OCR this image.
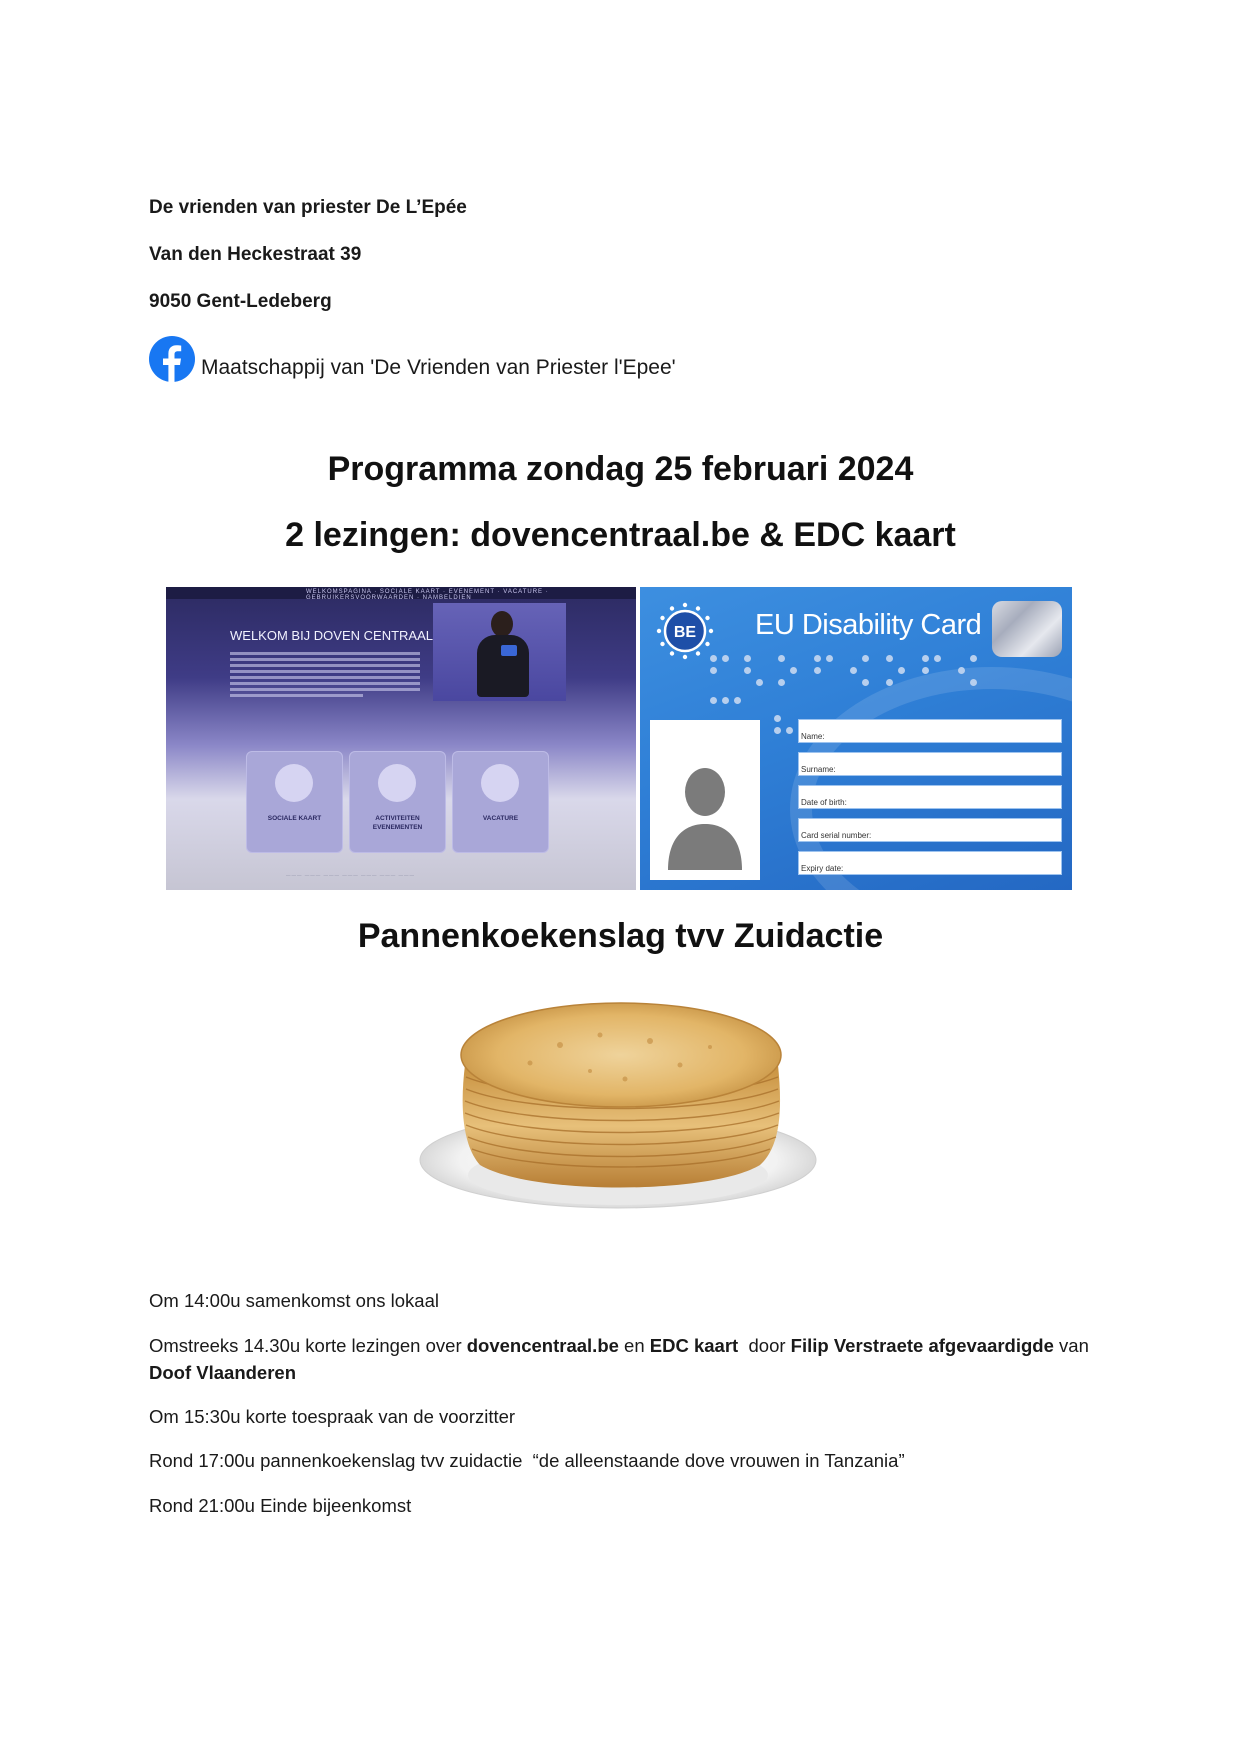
De vrienden van priester De L’Epée
Van den Heckestraat 39
9050 Gent-Ledeberg
Maatschappij van 'De Vrienden van Priester l'Epee'
Programma zondag 25 februari 2024
2 lezingen: dovencentraal.be & EDC kaart
WELKOMSPAGINA · SOCIALE KAART · EVENEMENT · VACATURE · GEBRUIKERSVOORWAARDEN · NAMBELDIEN
WELKOM BIJ DOVEN CENTRAAL
SOCIALE KAART	ACTIVITEITEN
EVENEMENTEN
VACATURE
——— ——— ——— ——— ——— ——— ———
BE EU Disability Card
Name:
Surname:
Date of birth:
Card serial number:
Expiry date:
Pannenkoekenslag tvv Zuidactie
Om 14:00u samenkomst ons lokaal
Omstreeks 14.30u korte lezingen over dovencentraal.be en EDC kaart  door Filip Verstraete afgevaardigde van
Doof Vlaanderen
Om 15:30u korte toespraak van de voorzitter
Rond 17:00u pannenkoekenslag tvv zuidactie  “de alleenstaande dove vrouwen in Tanzania”
Rond 21:00u Einde bijeenkomst
